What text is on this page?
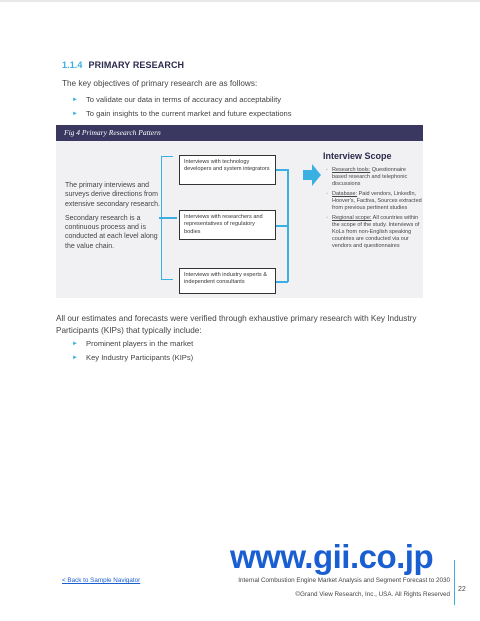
1.1.4 PRIMARY RESEARCH
The key objectives of primary research are as follows:
► To validate our data in terms of accuracy and acceptability
► To gain insights to the current market and future expectations
Fig 4 Primary Research Pattern

The primary interviews and surveys derive directions from extensive secondary research.

Secondary research is a continuous process and is conducted at each level along the value chain.

Interviews with technology developers and system integrators
Interviews with researchers and representatives of regulatory bodies
Interviews with industry experts & independent consultants
Interview Scope
◦ Research tools: Questionnaire based research and telephonic discussions
◦ Database: Paid vendors, LinkedIn, Hoover's, Factiva, Sources extracted from previous pertinent studies
◦ Regional scope: All countries within the scope of the study. Interviews of KoLs from non-English speaking countries are conducted via our vendors and questionnaires
All our estimates and forecasts were verified through exhaustive primary research with Key Industry Participants (KIPs) that typically include:
► Prominent players in the market
► Key Industry Participants (KIPs)
www.gii.co.jp
< Back to Sample Navigator	Internal Combustion Engine Market Analysis and Segment Forecast to 2030
©Grand View Research, Inc., USA. All Rights Reserved
22
